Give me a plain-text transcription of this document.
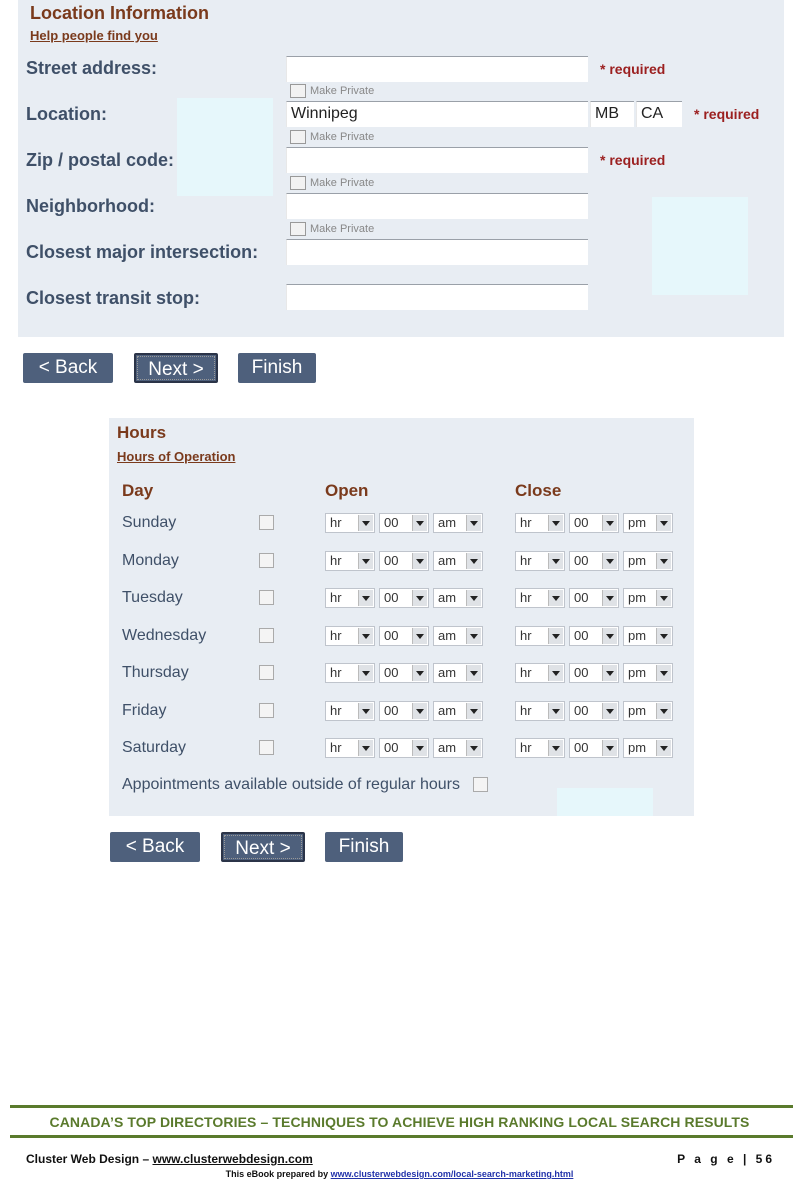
Location Information
Help people find you
Street address:	* required
Make Private
Location:	Winnipeg	MB	CA	* required
Make Private
Zip / postal code:	* required
Make Private
Neighborhood:
Make Private
Closest major intersection:
Closest transit stop:
< Back	Next >	Finish
Hours
Hours of Operation
Day	Open	Close
Sunday	hr	00	am	hr	00	pm
Monday	hr	00	am	hr	00	pm
Tuesday	hr	00	am	hr	00	pm
Wednesday	hr	00	am	hr	00	pm
Thursday	hr	00	am	hr	00	pm
Friday	hr	00	am	hr	00	pm
Saturday	hr	00	am	hr	00	pm
Appointments available outside of regular hours
< Back	Next >	Finish
CANADA’S TOP DIRECTORIES – TECHNIQUES TO ACHIEVE HIGH RANKING LOCAL SEARCH RESULTS
Cluster Web Design – www.clusterwebdesign.com	P a g e | 56
This eBook prepared by www.clusterwebdesign.com/local-search-marketing.html
